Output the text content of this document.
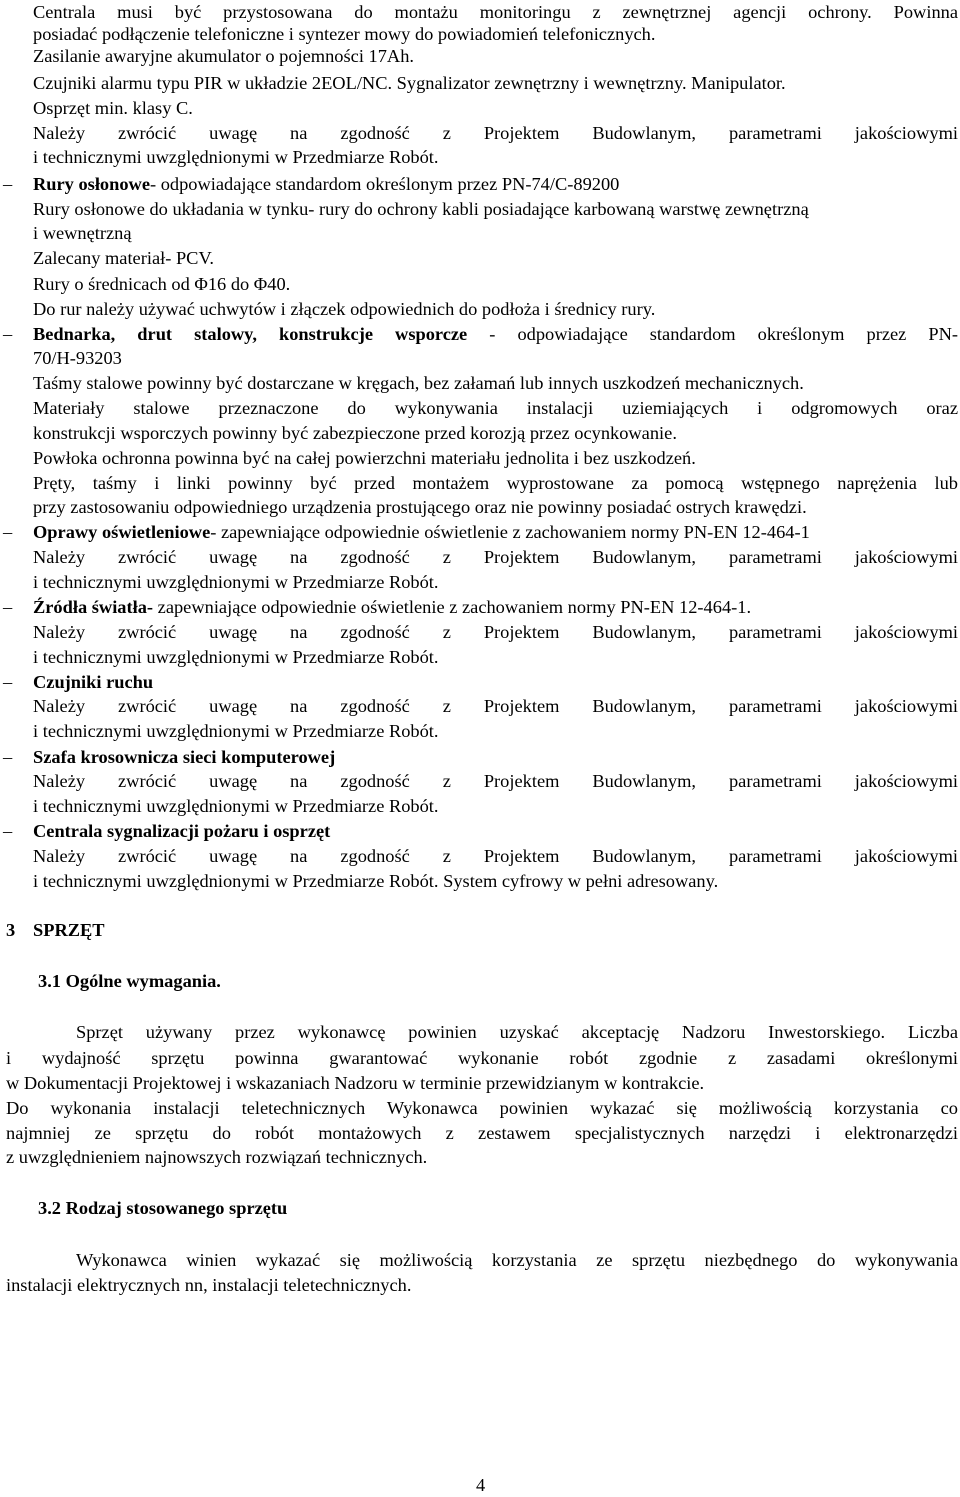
Centrala musi być przystosowana do montażu monitoringu z zewnętrznej agencji ochrony. Powinna
posiadać podłączenie telefoniczne i syntezer mowy do powiadomień telefonicznych.
Zasilanie awaryjne akumulator o pojemności 17Ah.
Czujniki alarmu typu PIR w układzie 2EOL/NC. Sygnalizator zewnętrzny i wewnętrzny. Manipulator.
Osprzęt min. klasy C.
Należy zwrócić uwagę na zgodność z Projektem Budowlanym, parametrami jakościowymi
i technicznymi uwzględnionymi w Przedmiarze Robót.
–	Rury osłonowe- odpowiadające standardom określonym przez PN-74/C-89200
Rury osłonowe do układania w tynku- rury do ochrony kabli posiadające karbowaną warstwę zewnętrzną
i wewnętrzną
Zalecany materiał- PCV.
Rury o średnicach od Φ16 do Φ40.
Do rur należy używać uchwytów i złączek odpowiednich do podłoża i średnicy rury.
–	Bednarka, drut stalowy, konstrukcje wsporcze - odpowiadające standardom określonym przez PN-
70/H-93203
Taśmy stalowe powinny być dostarczane w kręgach, bez załamań lub innych uszkodzeń mechanicznych.
Materiały stalowe przeznaczone do wykonywania instalacji uziemiających i odgromowych oraz
konstrukcji wsporczych powinny być zabezpieczone przed korozją przez ocynkowanie.
Powłoka ochronna powinna być na całej powierzchni materiału jednolita i bez uszkodzeń.
Pręty, taśmy i linki powinny być przed montażem wyprostowane za pomocą wstępnego naprężenia lub
przy zastosowaniu odpowiedniego urządzenia prostującego oraz nie powinny posiadać ostrych krawędzi.
–	Oprawy oświetleniowe- zapewniające odpowiednie oświetlenie z zachowaniem normy PN-EN 12-464-1
Należy zwrócić uwagę na zgodność z Projektem Budowlanym, parametrami jakościowymi
i technicznymi uwzględnionymi w Przedmiarze Robót.
–	Źródła światła- zapewniające odpowiednie oświetlenie z zachowaniem normy PN-EN 12-464-1.
Należy zwrócić uwagę na zgodność z Projektem Budowlanym, parametrami jakościowymi
i technicznymi uwzględnionymi w Przedmiarze Robót.
–	Czujniki ruchu
Należy zwrócić uwagę na zgodność z Projektem Budowlanym, parametrami jakościowymi
i technicznymi uwzględnionymi w Przedmiarze Robót.
–	Szafa krosownicza sieci komputerowej
Należy zwrócić uwagę na zgodność z Projektem Budowlanym, parametrami jakościowymi
i technicznymi uwzględnionymi w Przedmiarze Robót.
–	Centrala sygnalizacji pożaru i osprzęt
Należy zwrócić uwagę na zgodność z Projektem Budowlanym, parametrami jakościowymi
i technicznymi uwzględnionymi w Przedmiarze Robót. System cyfrowy w pełni adresowany.
3 SPRZĘT
3.1 Ogólne wymagania.
Sprzęt używany przez wykonawcę powinien uzyskać akceptację Nadzoru Inwestorskiego. Liczba
i wydajność sprzętu powinna gwarantować wykonanie robót zgodnie z zasadami określonymi
w Dokumentacji Projektowej i wskazaniach Nadzoru w terminie przewidzianym w kontrakcie.
Do wykonania instalacji teletechnicznych Wykonawca powinien wykazać się możliwością korzystania co
najmniej ze sprzętu do robót montażowych z zestawem specjalistycznych narzędzi i elektronarzędzi
z uwzględnieniem najnowszych rozwiązań technicznych.
3.2 Rodzaj stosowanego sprzętu
Wykonawca winien wykazać się możliwością korzystania ze sprzętu niezbędnego do wykonywania
instalacji elektrycznych nn, instalacji teletechnicznych.
4
